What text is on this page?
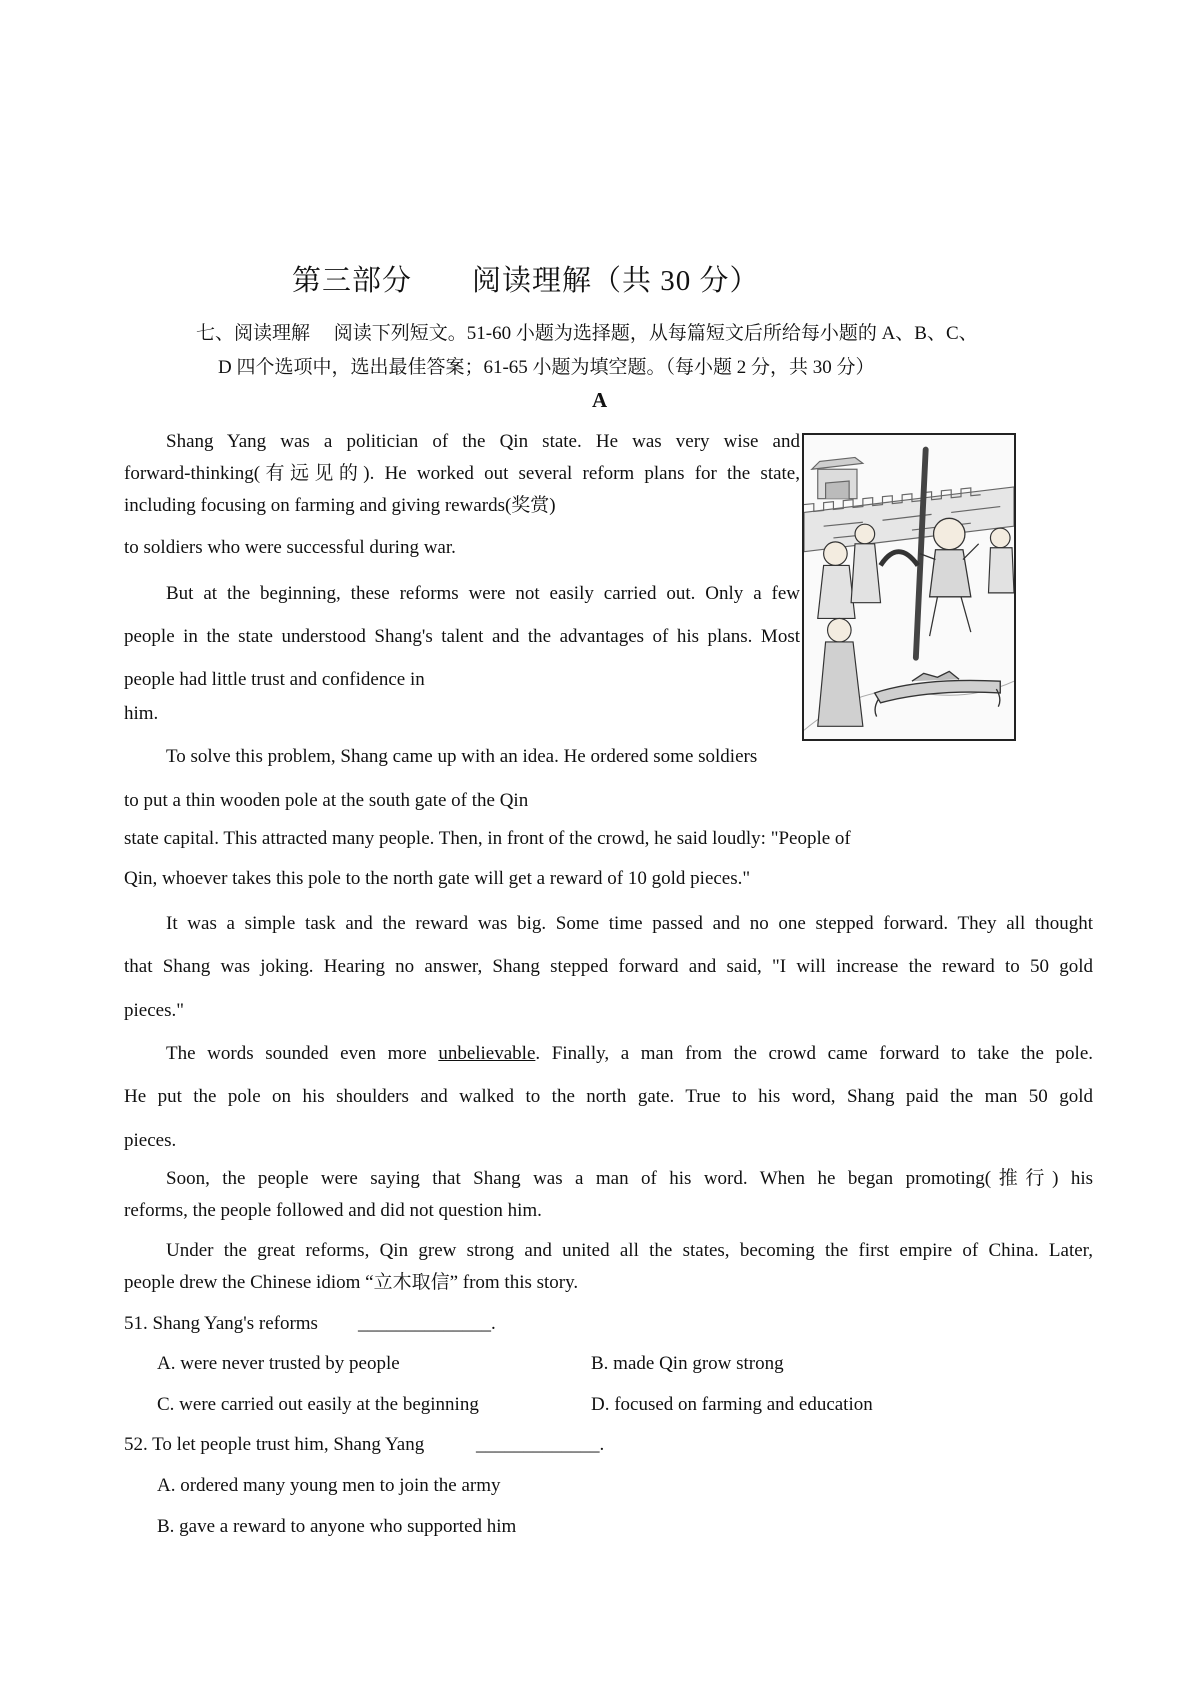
第三部分　　阅读理解（共 30 分）
七、阅读理解　 阅读下列短文。51-60 小题为选择题，从每篇短文后所给每小题的 A、B、C、
D 四个选项中，选出最佳答案；61-65 小题为填空题。（每小题 2 分，共 30 分）
A
Shang Yang was a politician of the Qin state. He was very wise and
forward-thinking(有远见的). He worked out several reform plans for the state,
including focusing on farming and giving rewards(奖赏)
to soldiers who were successful during war.
But at the beginning, these reforms were not easily carried out. Only a few
people in the state understood Shang's talent and the advantages of his plans. Most
people had little trust and confidence in
him.
To solve this problem, Shang came up with an idea. He ordered some soldiers
to put a thin wooden pole at the south gate of the Qin
state capital. This attracted many people. Then, in front of the crowd, he said loudly: "People of
Qin, whoever takes this pole to the north gate will get a reward of 10 gold pieces."
It was a simple task and the reward was big. Some time passed and no one stepped forward. They all thought
that Shang was joking. Hearing no answer, Shang stepped forward and said, "I will increase the reward to 50 gold
pieces."
The words sounded even more unbelievable. Finally, a man from the crowd came forward to take the pole.
He put the pole on his shoulders and walked to the north gate. True to his word, Shang paid the man 50 gold
pieces.
Soon, the people were saying that Shang was a man of his word. When he began promoting(推行) his
reforms, the people followed and did not question him.
Under the great reforms, Qin grew strong and united all the states, becoming the first empire of China. Later,
people drew the Chinese idiom “立木取信” from this story.
51. Shang Yang's reforms ______________.
A. were never trusted by people	B. made Qin grow strong
C. were carried out easily at the beginning	D. focused on farming and education
52. To let people trust him, Shang Yang	_____________.
A. ordered many young men to join the army
B. gave a reward to anyone who supported him
